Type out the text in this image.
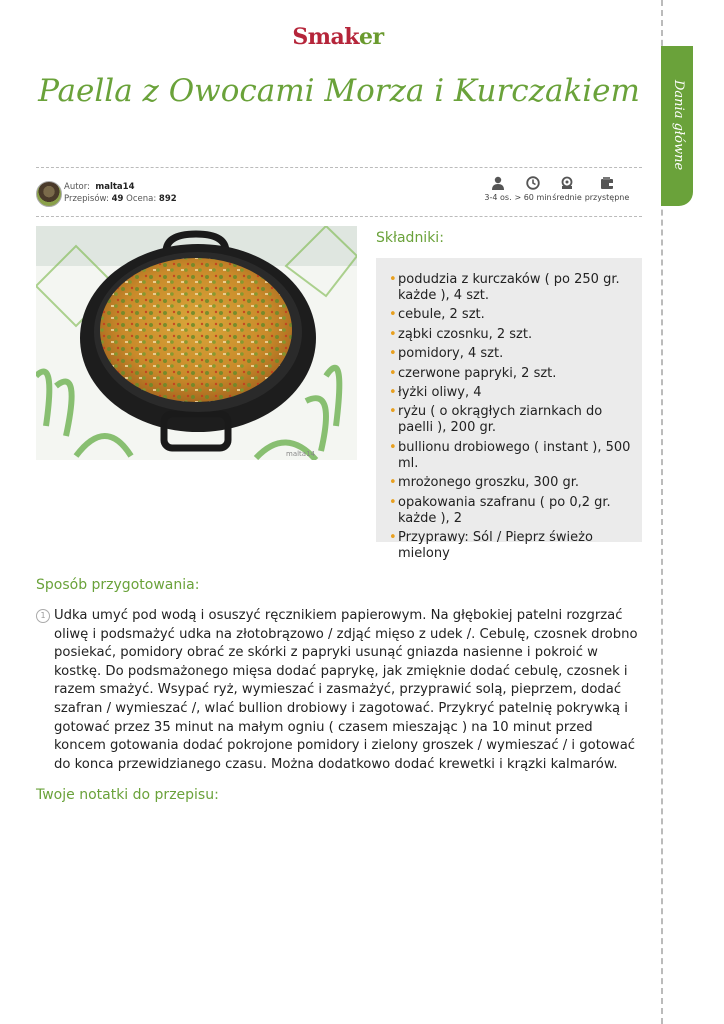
Smaker
Dania główne
Paella z Owocami Morza i Kurczakiem
Autor: malta14
Przepisów: 49 Ocena: 892	3-4 os. > 60 min średnie przystępne
malta14
Składniki:
• podudzia z kurczaków ( po 250 gr. każde ), 4 szt.
• cebule, 2 szt.
• ząbki czosnku, 2 szt.
• pomidory, 4 szt.
• czerwone papryki, 2 szt.
• łyżki oliwy, 4
• ryżu ( o okrągłych ziarnkach do paelli ), 200 gr.
• bullionu drobiowego ( instant ), 500 ml.
• mrożonego groszku, 300 gr.
• opakowania szafranu ( po 0,2 gr. każde ), 2
• Przyprawy: Sól / Pieprz świeżo mielony
Sposób przygotowania:
1 Udka umyć pod wodą i osuszyć ręcznikiem papierowym. Na głębokiej patelni rozgrzać oliwę i podsmażyć udka na złotobrązowo / zdjąć mięso z udek /. Cebulę, czosnek drobno posiekać, pomidory obrać ze skórki z papryki usunąć gniazda nasienne i pokroić w kostkę. Do podsmażonego mięsa dodać paprykę, jak zmięknie dodać cebulę, czosnek i razem smażyć. Wsypać ryż, wymieszać i zasmażyć, przyprawić solą, pieprzem, dodać szafran / wymieszać /, wlać bullion drobiowy i zagotować. Przykryć patelnię pokrywką i gotować przez 35 minut na małym ogniu ( czasem mieszając ) na 10 minut przed koncem gotowania dodać pokrojone pomidory i zielony groszek / wymieszać / i gotować do konca przewidzianego czasu. Można dodatkowo dodać krewetki i krązki kalmarów.
Twoje notatki do przepisu:
